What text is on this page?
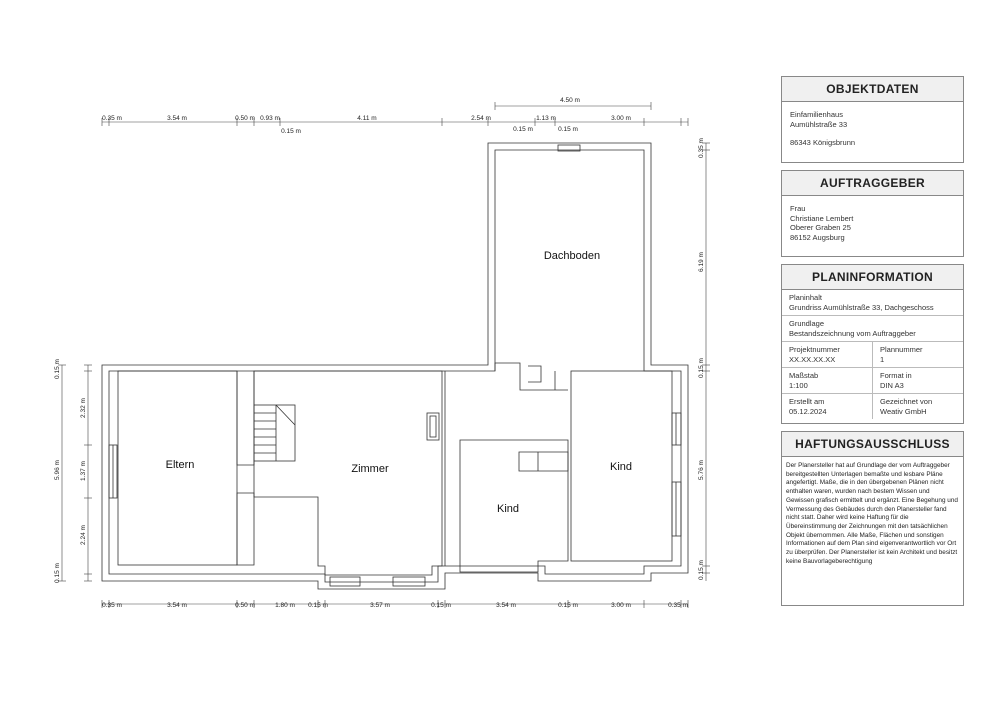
Dachboden
Eltern	Zimmer	Kind
Kind
4.50 m
0.35 m	3.54 m	0.50 m 0.93 m	4.11 m	2.54 m	1.13 m	3.00 m
0.15 m	0.15 m	0.15 m
0.35 m	3.54 m	0.50 m	1.80 m 0.15 m	3.57 m	0.15 m	3.54 m	0.15 m	3.00 m	0.35 m
5.96 m
0.15 m
2.32 m
1.37 m
2.24 m
0.15 m
0.35 m
6.19 m
0.15 m
5.76 m
0.15 m
OBJEKTDATEN
Einfamilienhaus
Aumühlstraße 33
86343 Königsbrunn
AUFTRAGGEBER
Frau
Christiane Lembert
Oberer Graben 25
86152 Augsburg
PLANINFORMATION
Planinhalt
Grundriss Aumühlstraße 33, Dachgeschoss
Grundlage
Bestandszeichnung vom Auftraggeber
Projektnummer
XX.XX.XX.XX
Plannummer
1
Maßstab
1:100
Format in
DIN A3
Erstellt am
05.12.2024
Gezeichnet von
Weativ GmbH
HAFTUNGSAUSSCHLUSS
Der Planersteller hat auf Grundlage der vom Auftraggeber bereitgestellten Unterlagen bemaßte und lesbare Pläne angefertigt. Maße, die in den übergebenen Plänen nicht enthalten waren, wurden nach bestem Wissen und Gewissen grafisch ermittelt und ergänzt. Eine Begehung und Vermessung des Gebäudes durch den Planersteller fand nicht statt. Daher wird keine Haftung für die Übereinstimmung der Zeichnungen mit den tatsächlichen Objekt übernommen. Alle Maße, Flächen und sonstigen Informationen auf dem Plan sind eigenverantwortlich vor Ort zu überprüfen. Der Planersteller ist kein Architekt und besitzt keine Bauvorlageberechtigung
